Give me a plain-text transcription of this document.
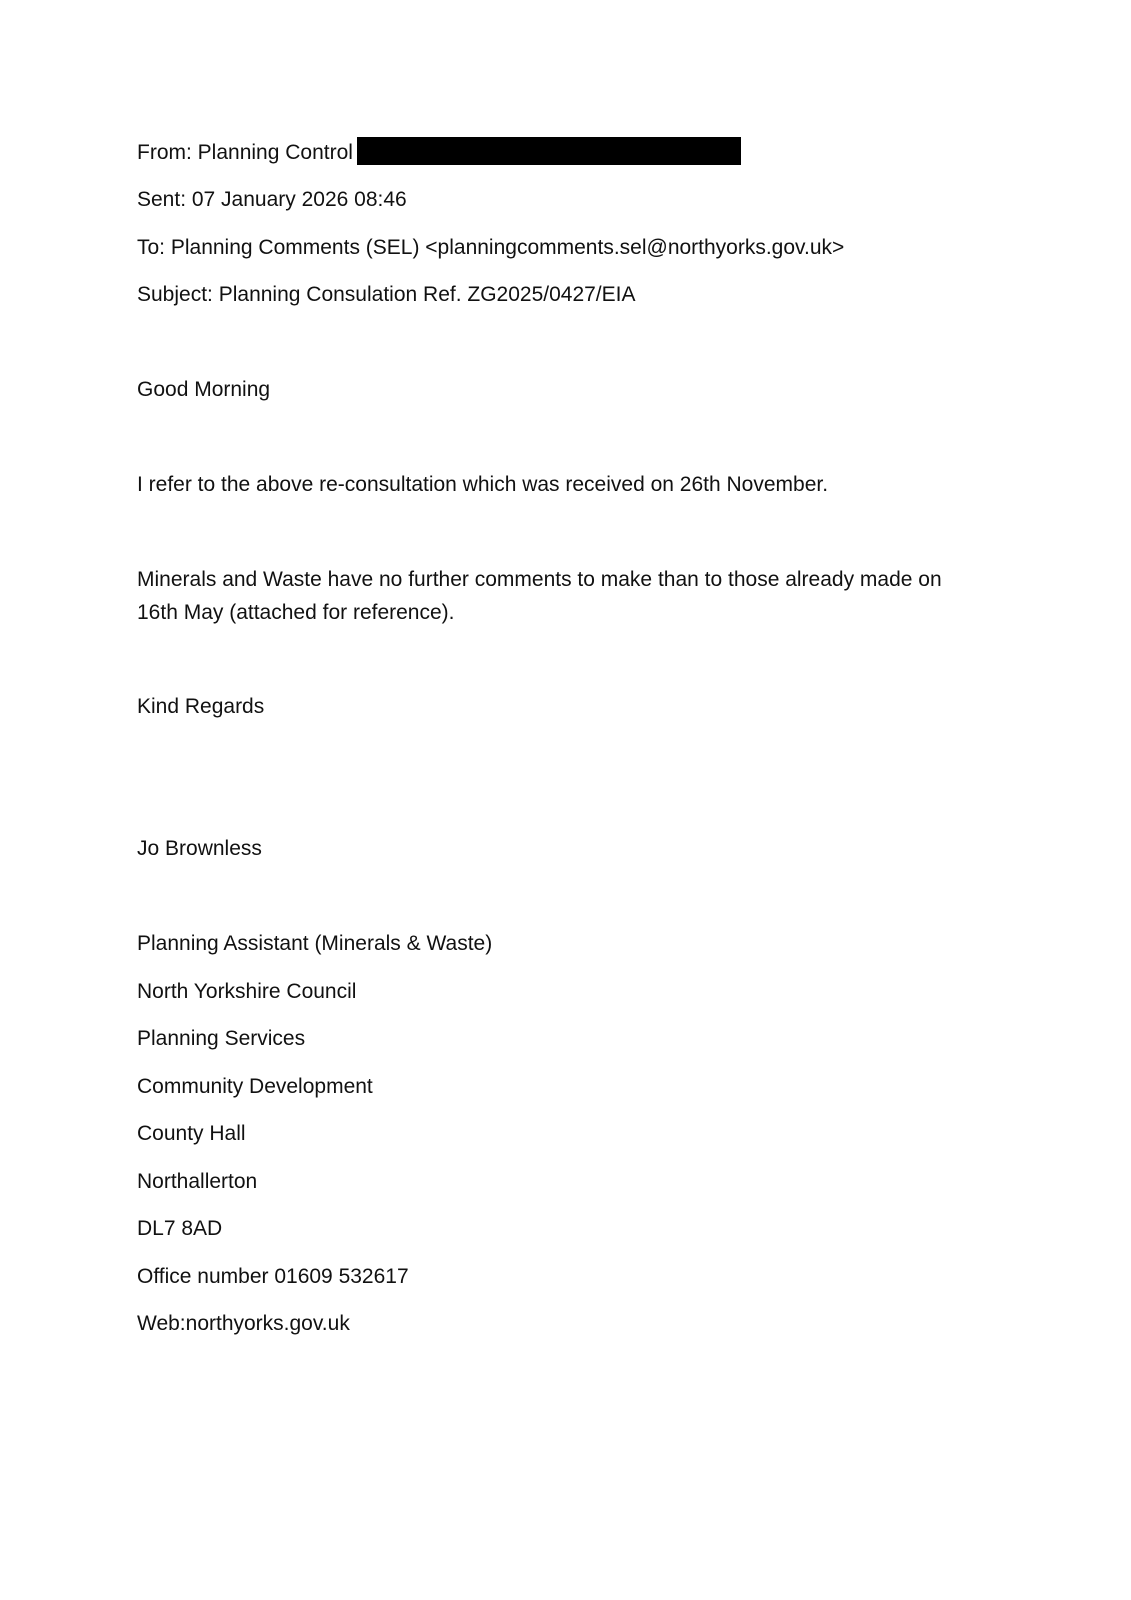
From: Planning Control
Sent: 07 January 2026 08:46
To: Planning Comments (SEL) <planningcomments.sel@northyorks.gov.uk>
Subject: Planning Consulation Ref. ZG2025/0427/EIA
Good Morning
I refer to the above re-consultation which was received on 26th November.
Minerals and Waste have no further comments to make than to those already made on
16th May (attached for reference).
Kind Regards
Jo Brownless
Planning Assistant (Minerals & Waste)
North Yorkshire Council
Planning Services
Community Development
County Hall
Northallerton
DL7 8AD
Office number 01609 532617
Web:northyorks.gov.uk
